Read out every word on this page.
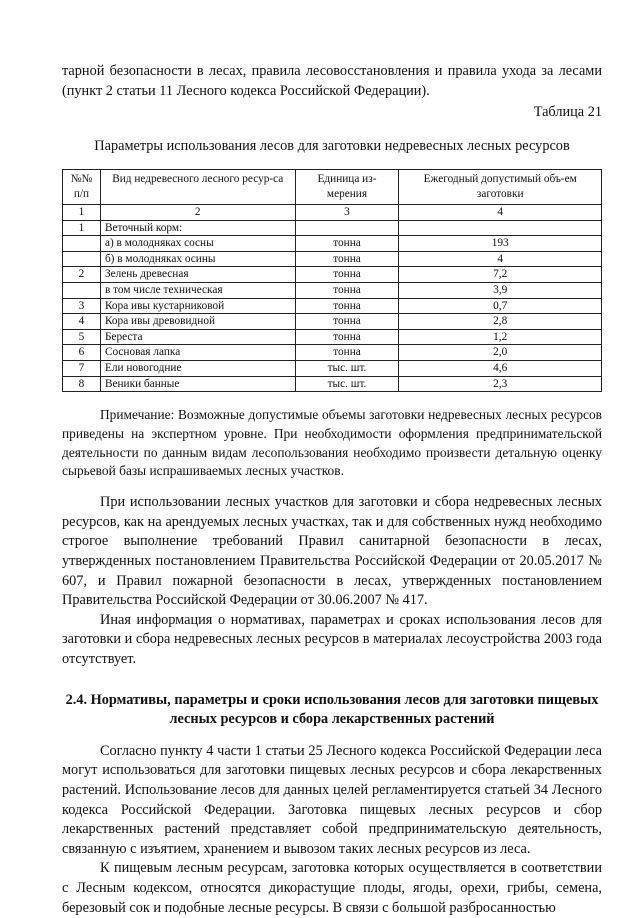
тарной безопасности в лесах, правила лесовосстановления и правила ухода за лесами (пункт 2 статьи 11 Лесного кодекса Российской Федерации).

Таблица 21

Параметры использования лесов для заготовки недревесных лесных ресурсов

№№ п/п	Вид недревесного лесного ресур-са	Единица из-мерения	Ежегодный допустимый объ-ем заготовки
1	2	3	4
1	Веточный корм:		
	а) в молодняках сосны	тонна	193
	б) в молодняках осины	тонна	4
2	Зелень древесная	тонна	7,2
	в том числе техническая	тонна	3,9
3	Кора ивы кустарниковой	тонна	0,7
4	Кора ивы древовидной	тонна	2,8
5	Береста	тонна	1,2
6	Сосновая лапка	тонна	2,0
7	Ели новогодние	тыс. шт.	4,6
8	Веники банные	тыс. шт.	2,3

Примечание: Возможные допустимые объемы заготовки недревесных лесных ресурсов приведены на экспертном уровне. При необходимости оформления предпринимательской деятельности по данным видам лесопользования необходимо произвести детальную оценку сырьевой базы испрашиваемых лесных участков.

При использовании лесных участков для заготовки и сбора недревесных лесных ресурсов, как на арендуемых лесных участках, так и для собственных нужд необходимо строгое выполнение требований Правил санитарной безопасности в лесах, утвержденных постановлением Правительства Российской Федерации от 20.05.2017 № 607, и Правил пожарной безопасности в лесах, утвержденных постановлением Правительства Российской Федерации от 30.06.2007 № 417.

Иная информация о нормативах, параметрах и сроках использования лесов для заготовки и сбора недревесных лесных ресурсов в материалах лесоустройства 2003 года отсутствует.

2.4. Нормативы, параметры и сроки использования лесов для заготовки пищевых лесных ресурсов и сбора лекарственных растений

Согласно пункту 4 части 1 статьи 25 Лесного кодекса Российской Федерации леса могут использоваться для заготовки пищевых лесных ресурсов и сбора лекарственных растений. Использование лесов для данных целей регламентируется статьей 34 Лесного кодекса Российской Федерации. Заготовка пищевых лесных ресурсов и сбор лекарственных растений представляет собой предпринимательскую деятельность, связанную с изъятием, хранением и вывозом таких лесных ресурсов из леса.

К пищевым лесным ресурсам, заготовка которых осуществляется в соответствии с Лесным кодексом, относятся дикорастущие плоды, ягоды, орехи, грибы, семена, березовый сок и подобные лесные ресурсы. В связи с большой разбросанностью
